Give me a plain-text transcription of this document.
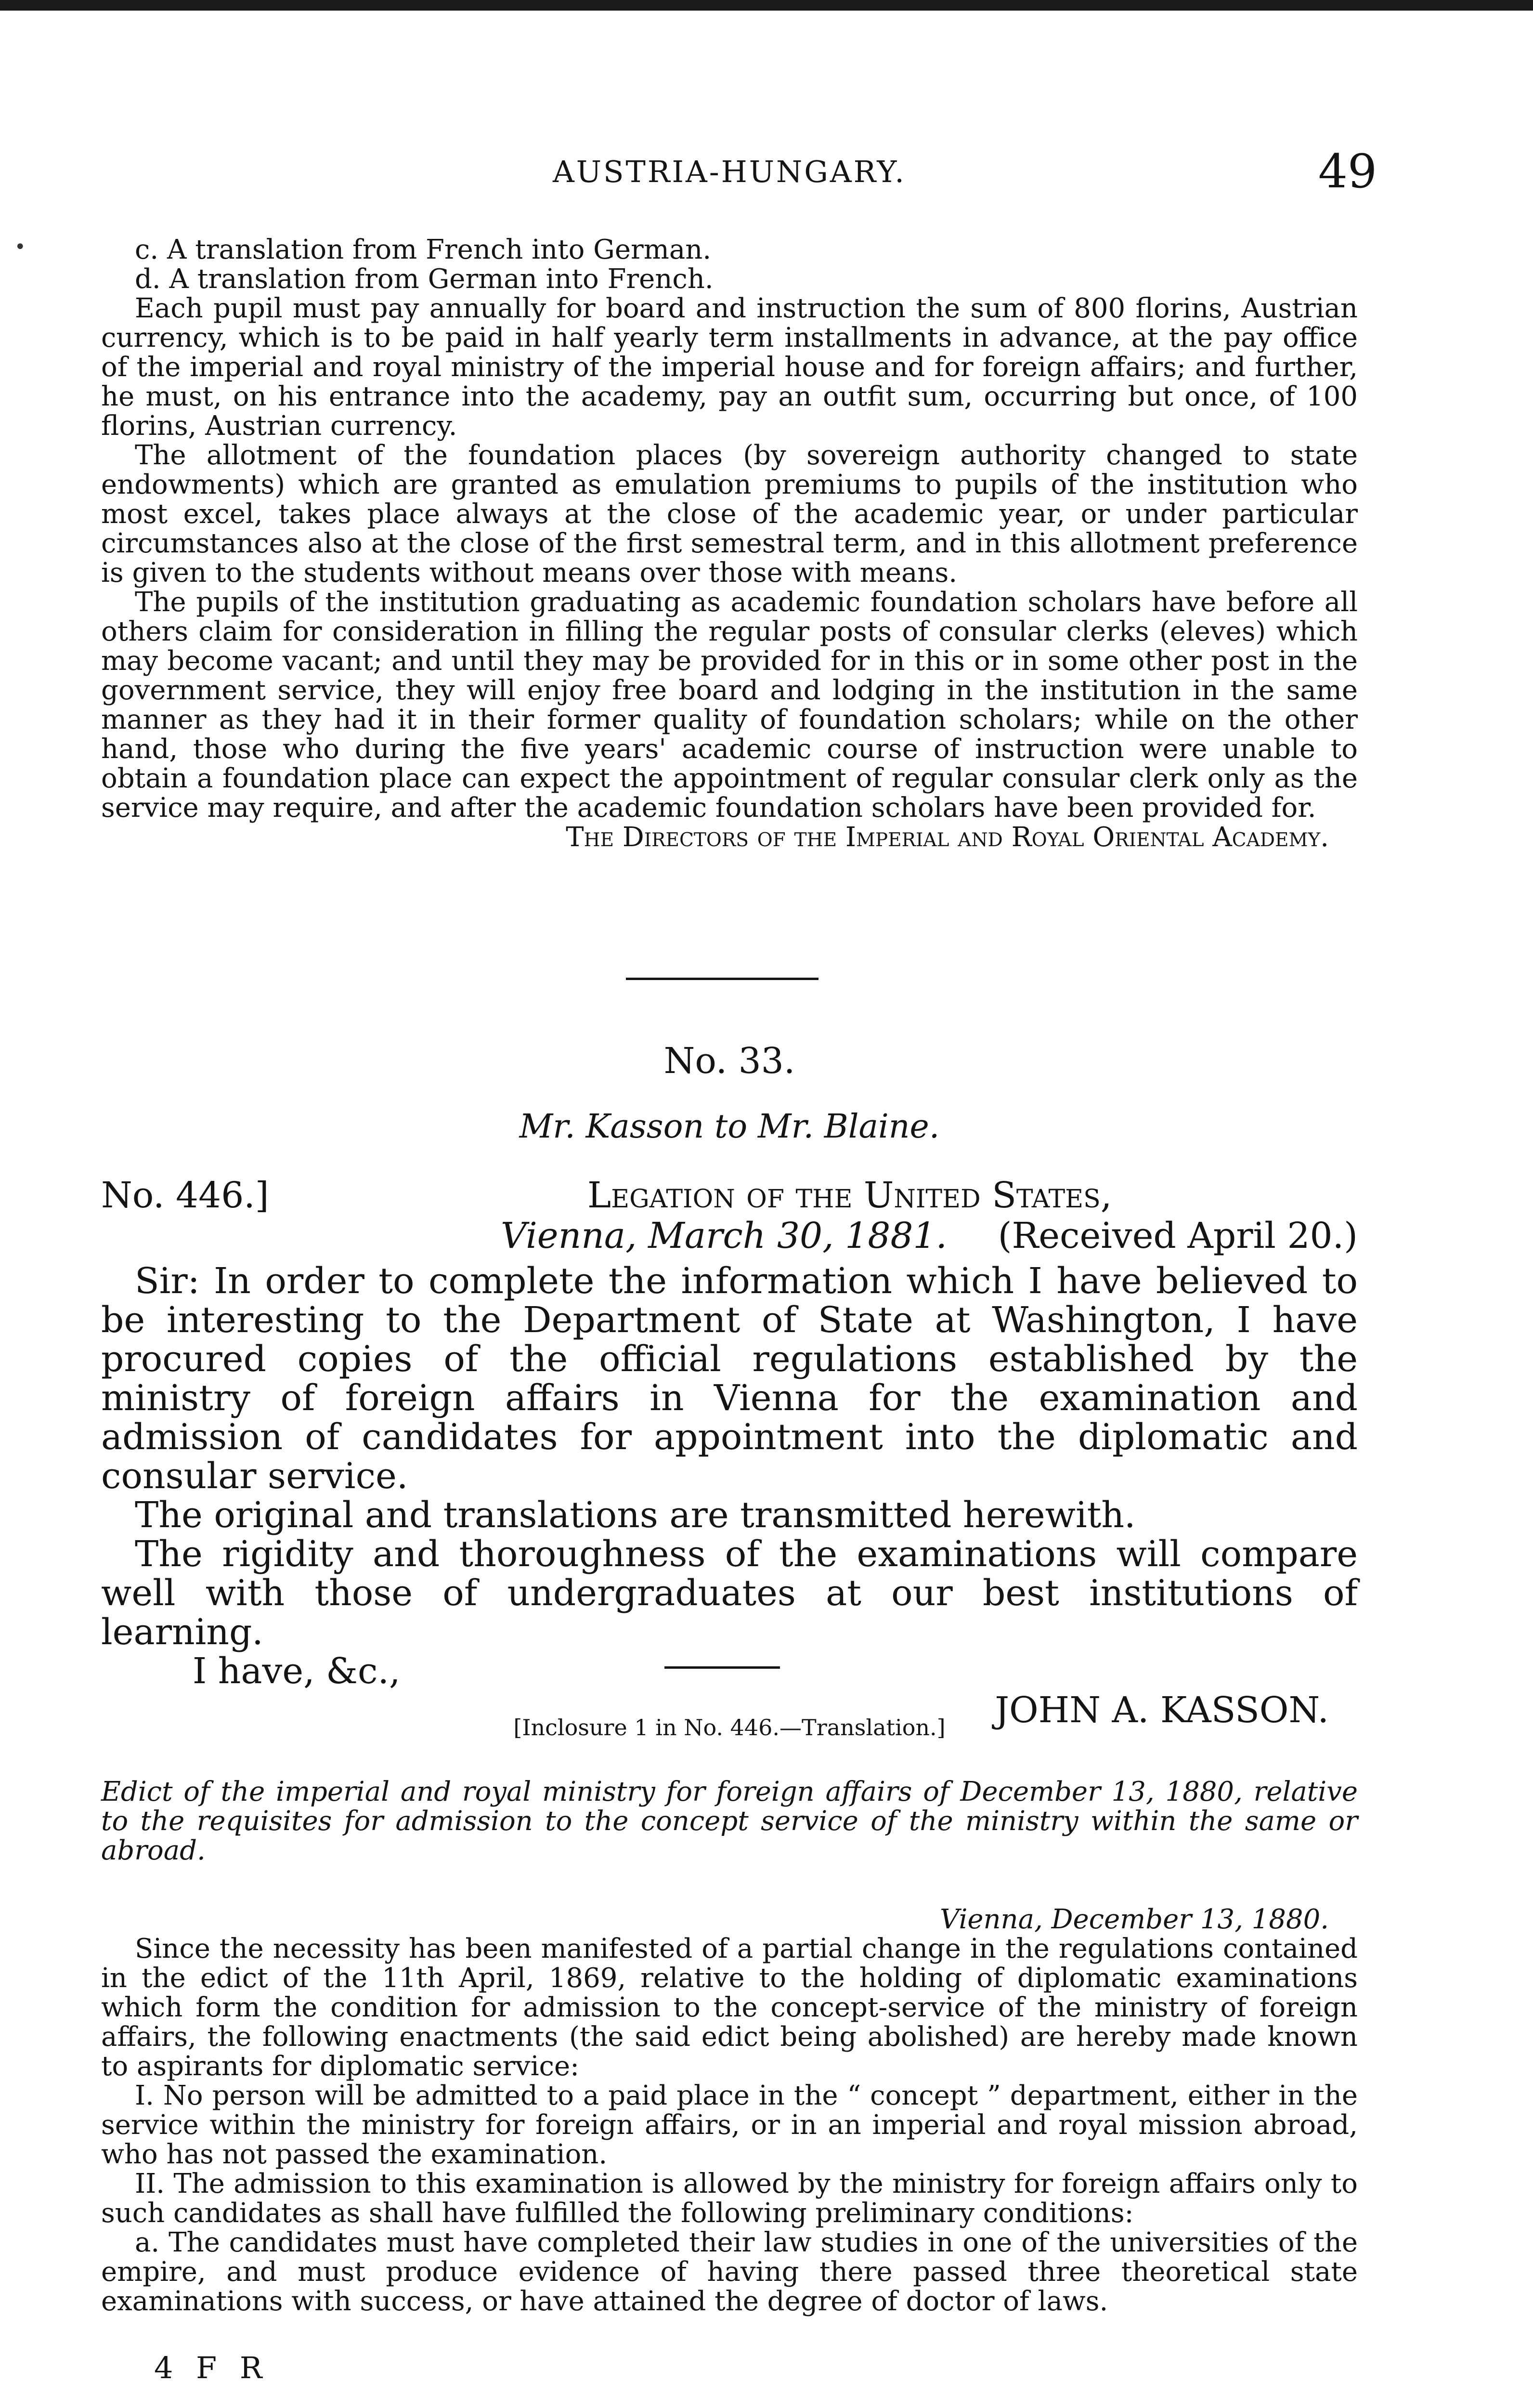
AUSTRIA-HUNGARY.	49
•	c. A translation from French into German.

d. A translation from German into French.

Each pupil must pay annually for board and instruction the sum of 800 florins, Austrian currency, which is to be paid in half yearly term installments in advance, at the pay office of the imperial and royal ministry of the imperial house and for foreign affairs; and further, he must, on his entrance into the academy, pay an outfit sum, occurring but once, of 100 florins, Austrian currency.

The allotment of the foundation places (by sovereign authority changed to state endowments) which are granted as emulation premiums to pupils of the institution who most excel, takes place always at the close of the academic year, or under particular circumstances also at the close of the first semestral term, and in this allotment preference is given to the students without means over those with means.

The pupils of the institution graduating as academic foundation scholars have before all others claim for consideration in filling the regular posts of consular clerks (eleves) which may become vacant; and until they may be provided for in this or in some other post in the government service, they will enjoy free board and lodging in the institution in the same manner as they had it in their former quality of foundation scholars; while on the other hand, those who during the five years' academic course of instruction were unable to obtain a foundation place can expect the appointment of regular consular clerk only as the service may require, and after the academic foundation scholars have been provided for.

The Directors of the Imperial and Royal Oriental Academy.

No. 33.
Mr. Kasson to Mr. Blaine.
No. 446.]	Legation of the United States,
Vienna, March 30, 1881. (Received April 20.)

Sir: In order to complete the information which I have believed to be interesting to the Department of State at Washington, I have procured copies of the official regulations established by the ministry of foreign affairs in Vienna for the examination and admission of candidates for appointment into the diplomatic and consular service.

The original and translations are transmitted herewith.

The rigidity and thoroughness of the examinations will compare well with those of undergraduates at our best institutions of learning.

I have, &c.,

JOHN A. KASSON.

[Inclosure 1 in No. 446.—Translation.]

Edict of the imperial and royal ministry for foreign affairs of December 13, 1880, relative to the requisites for admission to the concept service of the ministry within the same or abroad.

Vienna, December 13, 1880.

Since the necessity has been manifested of a partial change in the regulations contained in the edict of the 11th April, 1869, relative to the holding of diplomatic examinations which form the condition for admission to the concept-service of the ministry of foreign affairs, the following enactments (the said edict being abolished) are hereby made known to aspirants for diplomatic service:

I. No person will be admitted to a paid place in the “ concept ” department, either in the service within the ministry for foreign affairs, or in an imperial and royal mission abroad, who has not passed the examination.

II. The admission to this examination is allowed by the ministry for foreign affairs only to such candidates as shall have fulfilled the following preliminary conditions:

a. The candidates must have completed their law studies in one of the universities of the empire, and must produce evidence of having there passed three theoretical state examinations with success, or have attained the degree of doctor of laws.

4 F R
